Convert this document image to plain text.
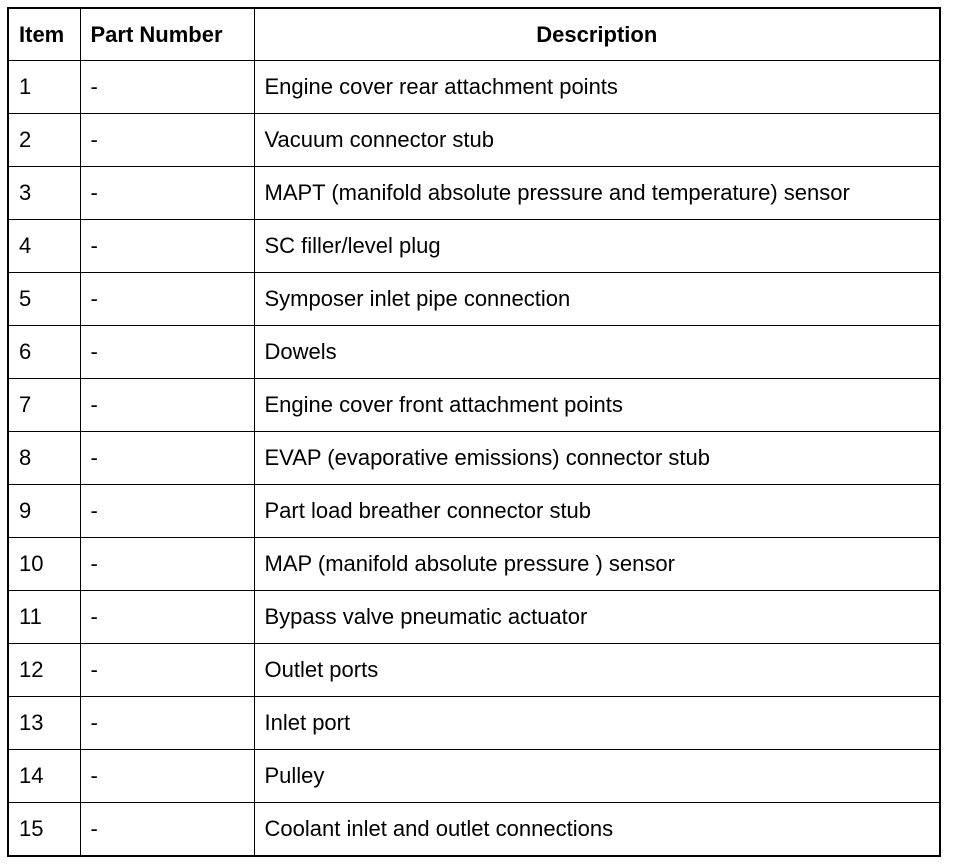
Item	Part Number	Description
1	-	Engine cover rear attachment points
2	-	Vacuum connector stub
3	-	MAPT (manifold absolute pressure and temperature) sensor
4	-	SC filler/level plug
5	-	Symposer inlet pipe connection
6	-	Dowels
7	-	Engine cover front attachment points
8	-	EVAP (evaporative emissions) connector stub
9	-	Part load breather connector stub
10	-	MAP (manifold absolute pressure ) sensor
11	-	Bypass valve pneumatic actuator
12	-	Outlet ports
13	-	Inlet port
14	-	Pulley
15	-	Coolant inlet and outlet connections
